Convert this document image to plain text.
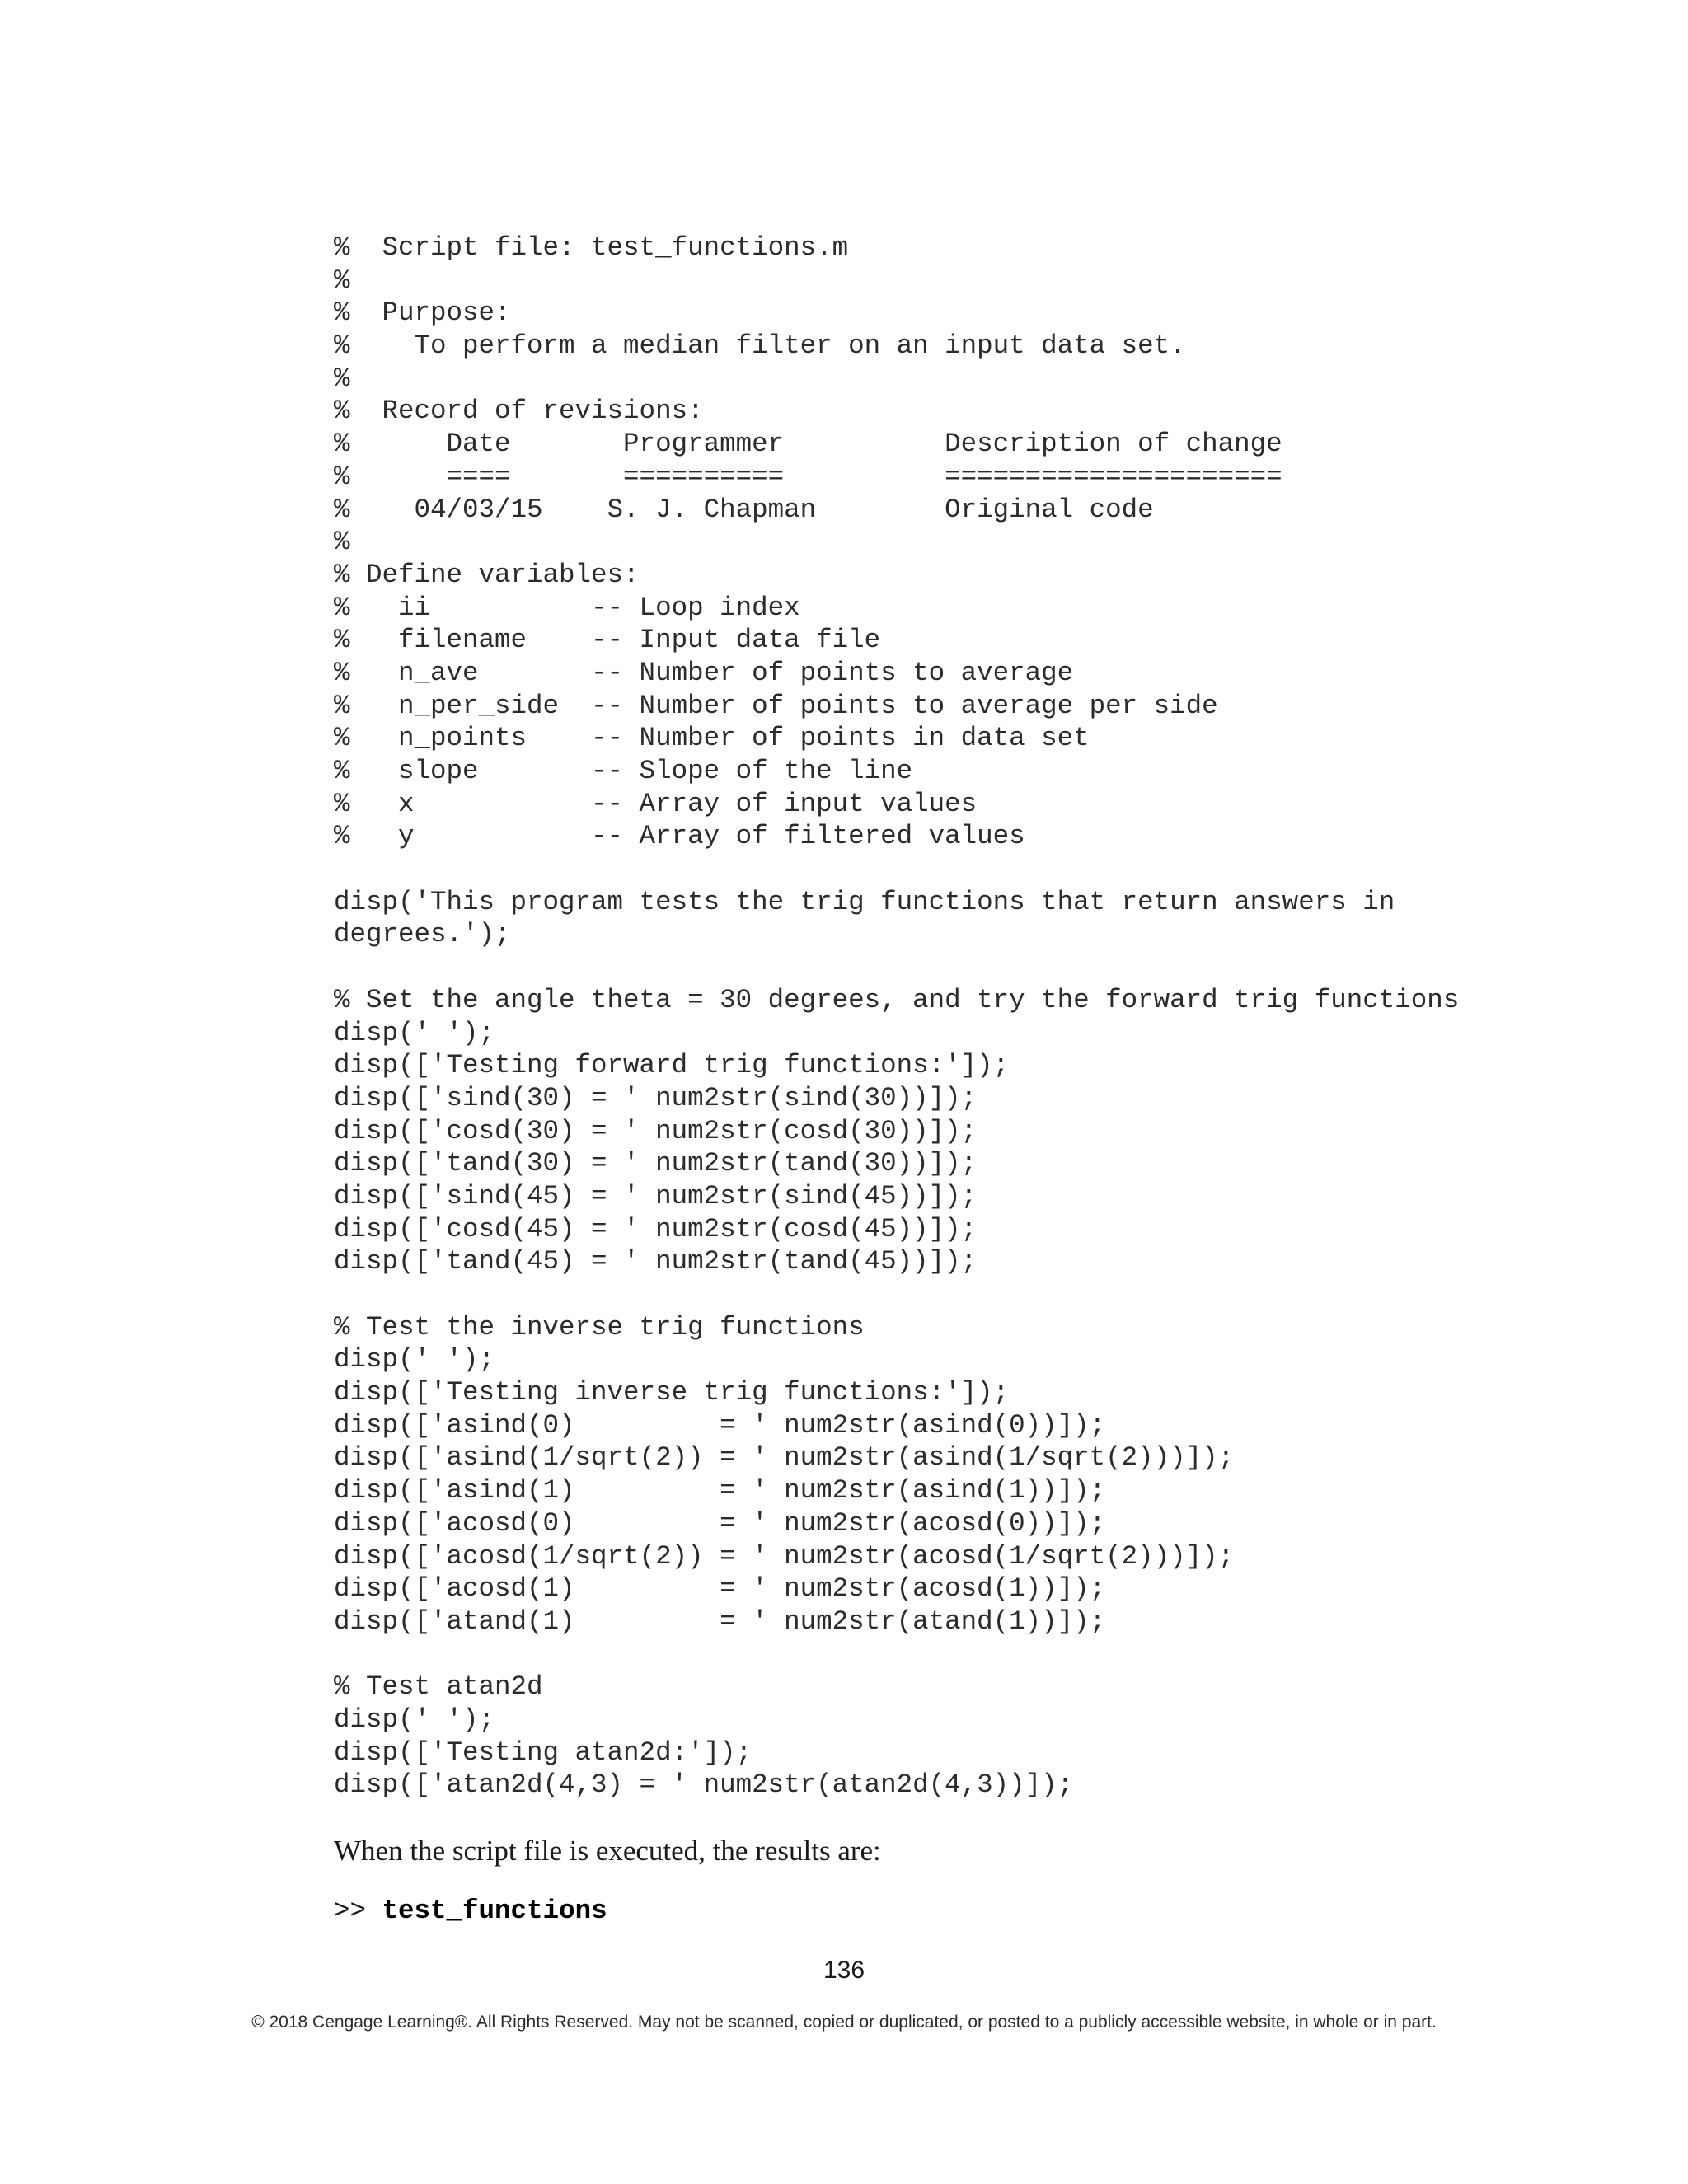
%  Script file: test_functions.m
%
%  Purpose:
%    To perform a median filter on an input data set.
%
%  Record of revisions:
%      Date       Programmer          Description of change
%      ====       ==========          =====================
%    04/03/15    S. J. Chapman        Original code
%
% Define variables:
%   ii          -- Loop index
%   filename    -- Input data file
%   n_ave       -- Number of points to average
%   n_per_side  -- Number of points to average per side
%   n_points    -- Number of points in data set
%   slope       -- Slope of the line
%   x           -- Array of input values
%   y           -- Array of filtered values
disp('This program tests the trig functions that return answers in
degrees.');
% Set the angle theta = 30 degrees, and try the forward trig functions
disp(' ');
disp(['Testing forward trig functions:']);
disp(['sind(30) = ' num2str(sind(30))]);
disp(['cosd(30) = ' num2str(cosd(30))]);
disp(['tand(30) = ' num2str(tand(30))]);
disp(['sind(45) = ' num2str(sind(45))]);
disp(['cosd(45) = ' num2str(cosd(45))]);
disp(['tand(45) = ' num2str(tand(45))]);
% Test the inverse trig functions
disp(' ');
disp(['Testing inverse trig functions:']);
disp(['asind(0)         = ' num2str(asind(0))]);
disp(['asind(1/sqrt(2)) = ' num2str(asind(1/sqrt(2)))]);
disp(['asind(1)         = ' num2str(asind(1))]);
disp(['acosd(0)         = ' num2str(acosd(0))]);
disp(['acosd(1/sqrt(2)) = ' num2str(acosd(1/sqrt(2)))]);
disp(['acosd(1)         = ' num2str(acosd(1))]);
disp(['atand(1)         = ' num2str(atand(1))]);
% Test atan2d
disp(' ');
disp(['Testing atan2d:']);
disp(['atan2d(4,3) = ' num2str(atan2d(4,3))]);

When the script file is executed, the results are:

>> test_functions

136
© 2018 Cengage Learning®. All Rights Reserved. May not be scanned, copied or duplicated, or posted to a publicly accessible website, in whole or in part.
